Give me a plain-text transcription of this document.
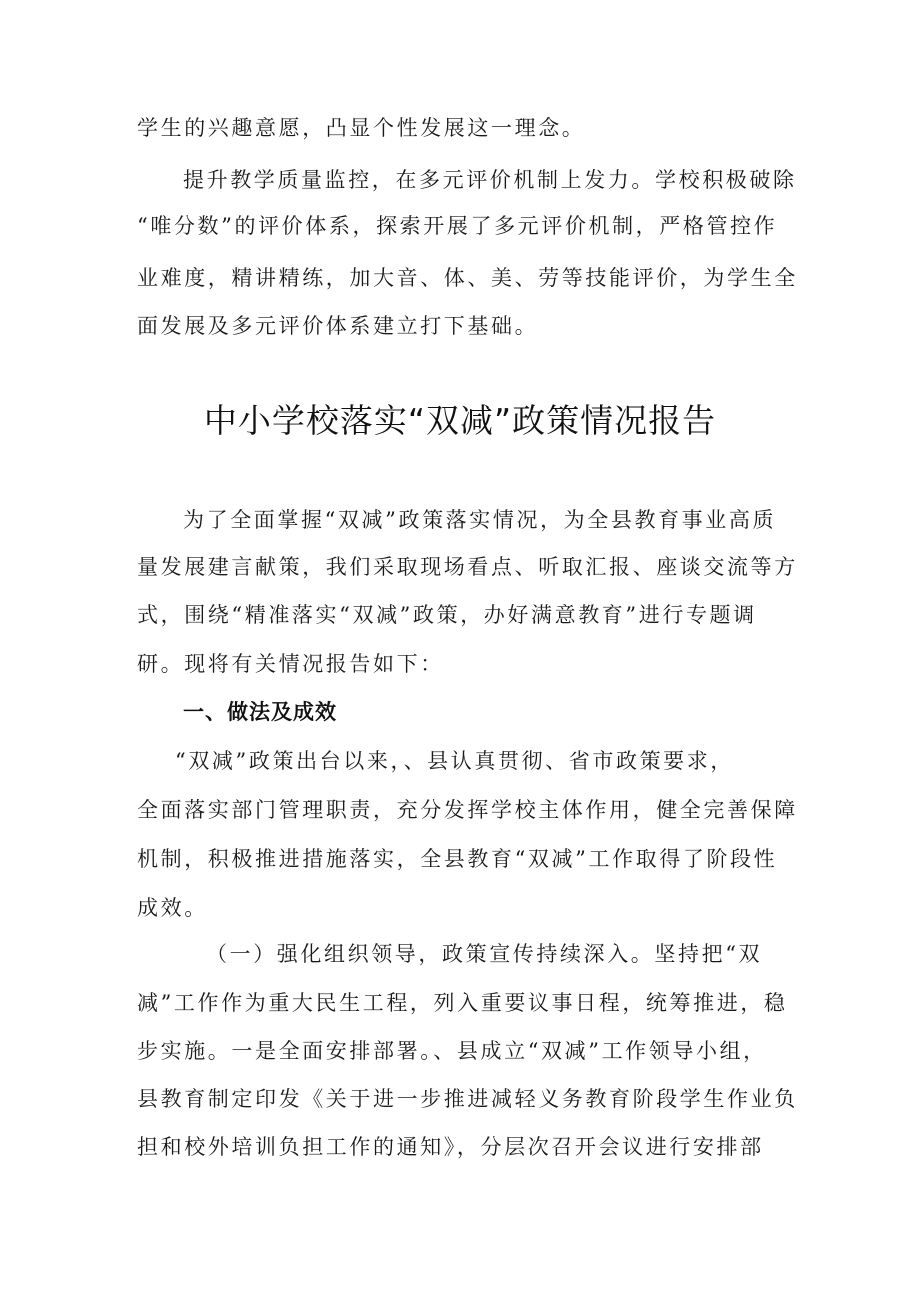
学生的兴趣意愿，凸显个性发展这一理念。
提升教学质量监控，在多元评价机制上发力。学校积极破除
“唯分数”的评价体系，探索开展了多元评价机制，严格管控作
业难度，精讲精练，加大音、体、美、劳等技能评价，为学生全
面发展及多元评价体系建立打下基础。
中小学校落实“双减”政策情况报告
为了全面掌握“双减”政策落实情况，为全县教育事业高质
量发展建言献策，我们采取现场看点、听取汇报、座谈交流等方
式，围绕“精准落实“双减”政策，办好满意教育”进行专题调
研。现将有关情况报告如下：
一、做法及成效
“双减”政策出台以来，、县认真贯彻、省市政策要求，
全面落实部门管理职责，充分发挥学校主体作用，健全完善保障
机制，积极推进措施落实，全县教育“双减”工作取得了阶段性
成效。
（一）强化组织领导，政策宣传持续深入。坚持把“双
减”工作作为重大民生工程，列入重要议事日程，统筹推进，稳
步实施。一是全面安排部署。、县成立“双减”工作领导小组，
县教育制定印发《关于进一步推进减轻义务教育阶段学生作业负
担和校外培训负担工作的通知》，分层次召开会议进行安排部
